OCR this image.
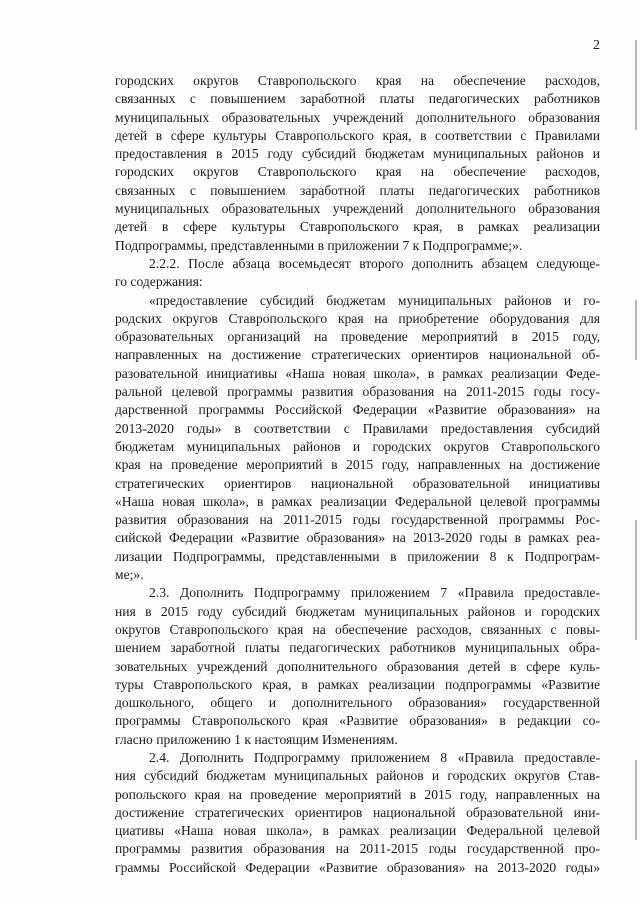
2
городских округов Ставропольского края на обеспечение расходов,
связанных с повышением заработной платы педагогических работников
муниципальных образовательных учреждений дополнительного образования
детей в сфере культуры Ставропольского края, в соответствии с Правилами
предоставления в 2015 году субсидий бюджетам муниципальных районов и
городских округов Ставропольского края на обеспечение расходов,
связанных с повышением заработной платы педагогических работников
муниципальных образовательных учреждений дополнительного образования
детей в сфере культуры Ставропольского края, в рамках реализации
Подпрограммы, представленными в приложении 7 к Подпрограмме;».
2.2.2. После абзаца восемьдесят второго дополнить абзацем следующе-
го содержания:
«предоставление субсидий бюджетам муниципальных районов и го-
родских округов Ставропольского края на приобретение оборудования для
образовательных организаций на проведение мероприятий в 2015 году,
направленных на достижение стратегических ориентиров национальной об-
разовательной инициативы «Наша новая школа», в рамках реализации Феде-
ральной целевой программы развития образования на 2011-2015 годы госу-
дарственной программы Российской Федерации «Развитие образования» на
2013-2020 годы» в соответствии с Правилами предоставления субсидий
бюджетам муниципальных районов и городских округов Ставропольского
края на проведение мероприятий в 2015 году, направленных на достижение
стратегических ориентиров национальной образовательной инициативы
«Наша новая школа», в рамках реализации Федеральной целевой программы
развития образования на 2011-2015 годы государственной программы Рос-
сийской Федерации «Развитие образования» на 2013-2020 годы в рамках реа-
лизации Подпрограммы, представленными в приложении 8 к Подпрограм-
ме;».
2.3. Дополнить Подпрограмму приложением 7 «Правила предоставле-
ния в 2015 году субсидий бюджетам муниципальных районов и городских
округов Ставропольского края на обеспечение расходов, связанных с повы-
шением заработной платы педагогических работников муниципальных обра-
зовательных учреждений дополнительного образования детей в сфере куль-
туры Ставропольского края, в рамках реализации подпрограммы «Развитие
дошкольного, общего и дополнительного образования» государственной
программы Ставропольского края «Развитие образования» в редакции со-
гласно приложению 1 к настоящим Изменениям.
2.4. Дополнить Подпрограмму приложением 8 «Правила предоставле-
ния субсидий бюджетам муниципальных районов и городских округов Став-
ропольского края на проведение мероприятий в 2015 году, направленных на
достижение стратегических ориентиров национальной образовательной ини-
циативы «Наша новая школа», в рамках реализации Федеральной целевой
программы развития образования на 2011-2015 годы государственной про-
граммы Российской Федерации «Развитие образования» на 2013-2020 годы»
